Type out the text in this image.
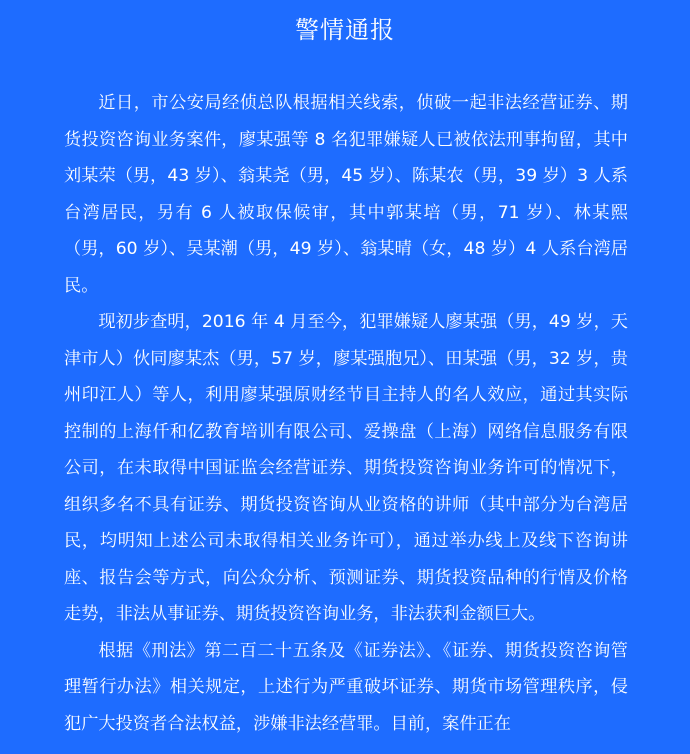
警情通报

近日，市公安局经侦总队根据相关线索，侦破一起非法经营证券、期货投资咨询业务案件，廖某强等 8 名犯罪嫌疑人已被依法刑事拘留，其中刘某荣（男，43 岁）、翁某尧（男，45 岁）、陈某农（男，39 岁）3 人系台湾居民，另有 6 人被取保候审，其中郭某培（男，71 岁）、林某熙（男，60 岁）、吴某潮（男，49 岁）、翁某晴（女，48 岁）4 人系台湾居民。

现初步查明，2016 年 4 月至今，犯罪嫌疑人廖某强（男，49 岁，天津市人）伙同廖某杰（男，57 岁，廖某强胞兄）、田某强（男，32 岁，贵州印江人）等人，利用廖某强原财经节目主持人的名人效应，通过其实际控制的上海仟和亿教育培训有限公司、爱操盘（上海）网络信息服务有限公司，在未取得中国证监会经营证券、期货投资咨询业务许可的情况下，组织多名不具有证券、期货投资咨询从业资格的讲师（其中部分为台湾居民，均明知上述公司未取得相关业务许可），通过举办线上及线下咨询讲座、报告会等方式，向公众分析、预测证券、期货投资品种的行情及价格走势，非法从事证券、期货投资咨询业务，非法获利金额巨大。

根据《刑法》第二百二十五条及《证券法》、《证券、期货投资咨询管理暂行办法》相关规定，上述行为严重破坏证券、期货市场管理秩序，侵犯广大投资者合法权益，涉嫌非法经营罪。目前，案件正在
